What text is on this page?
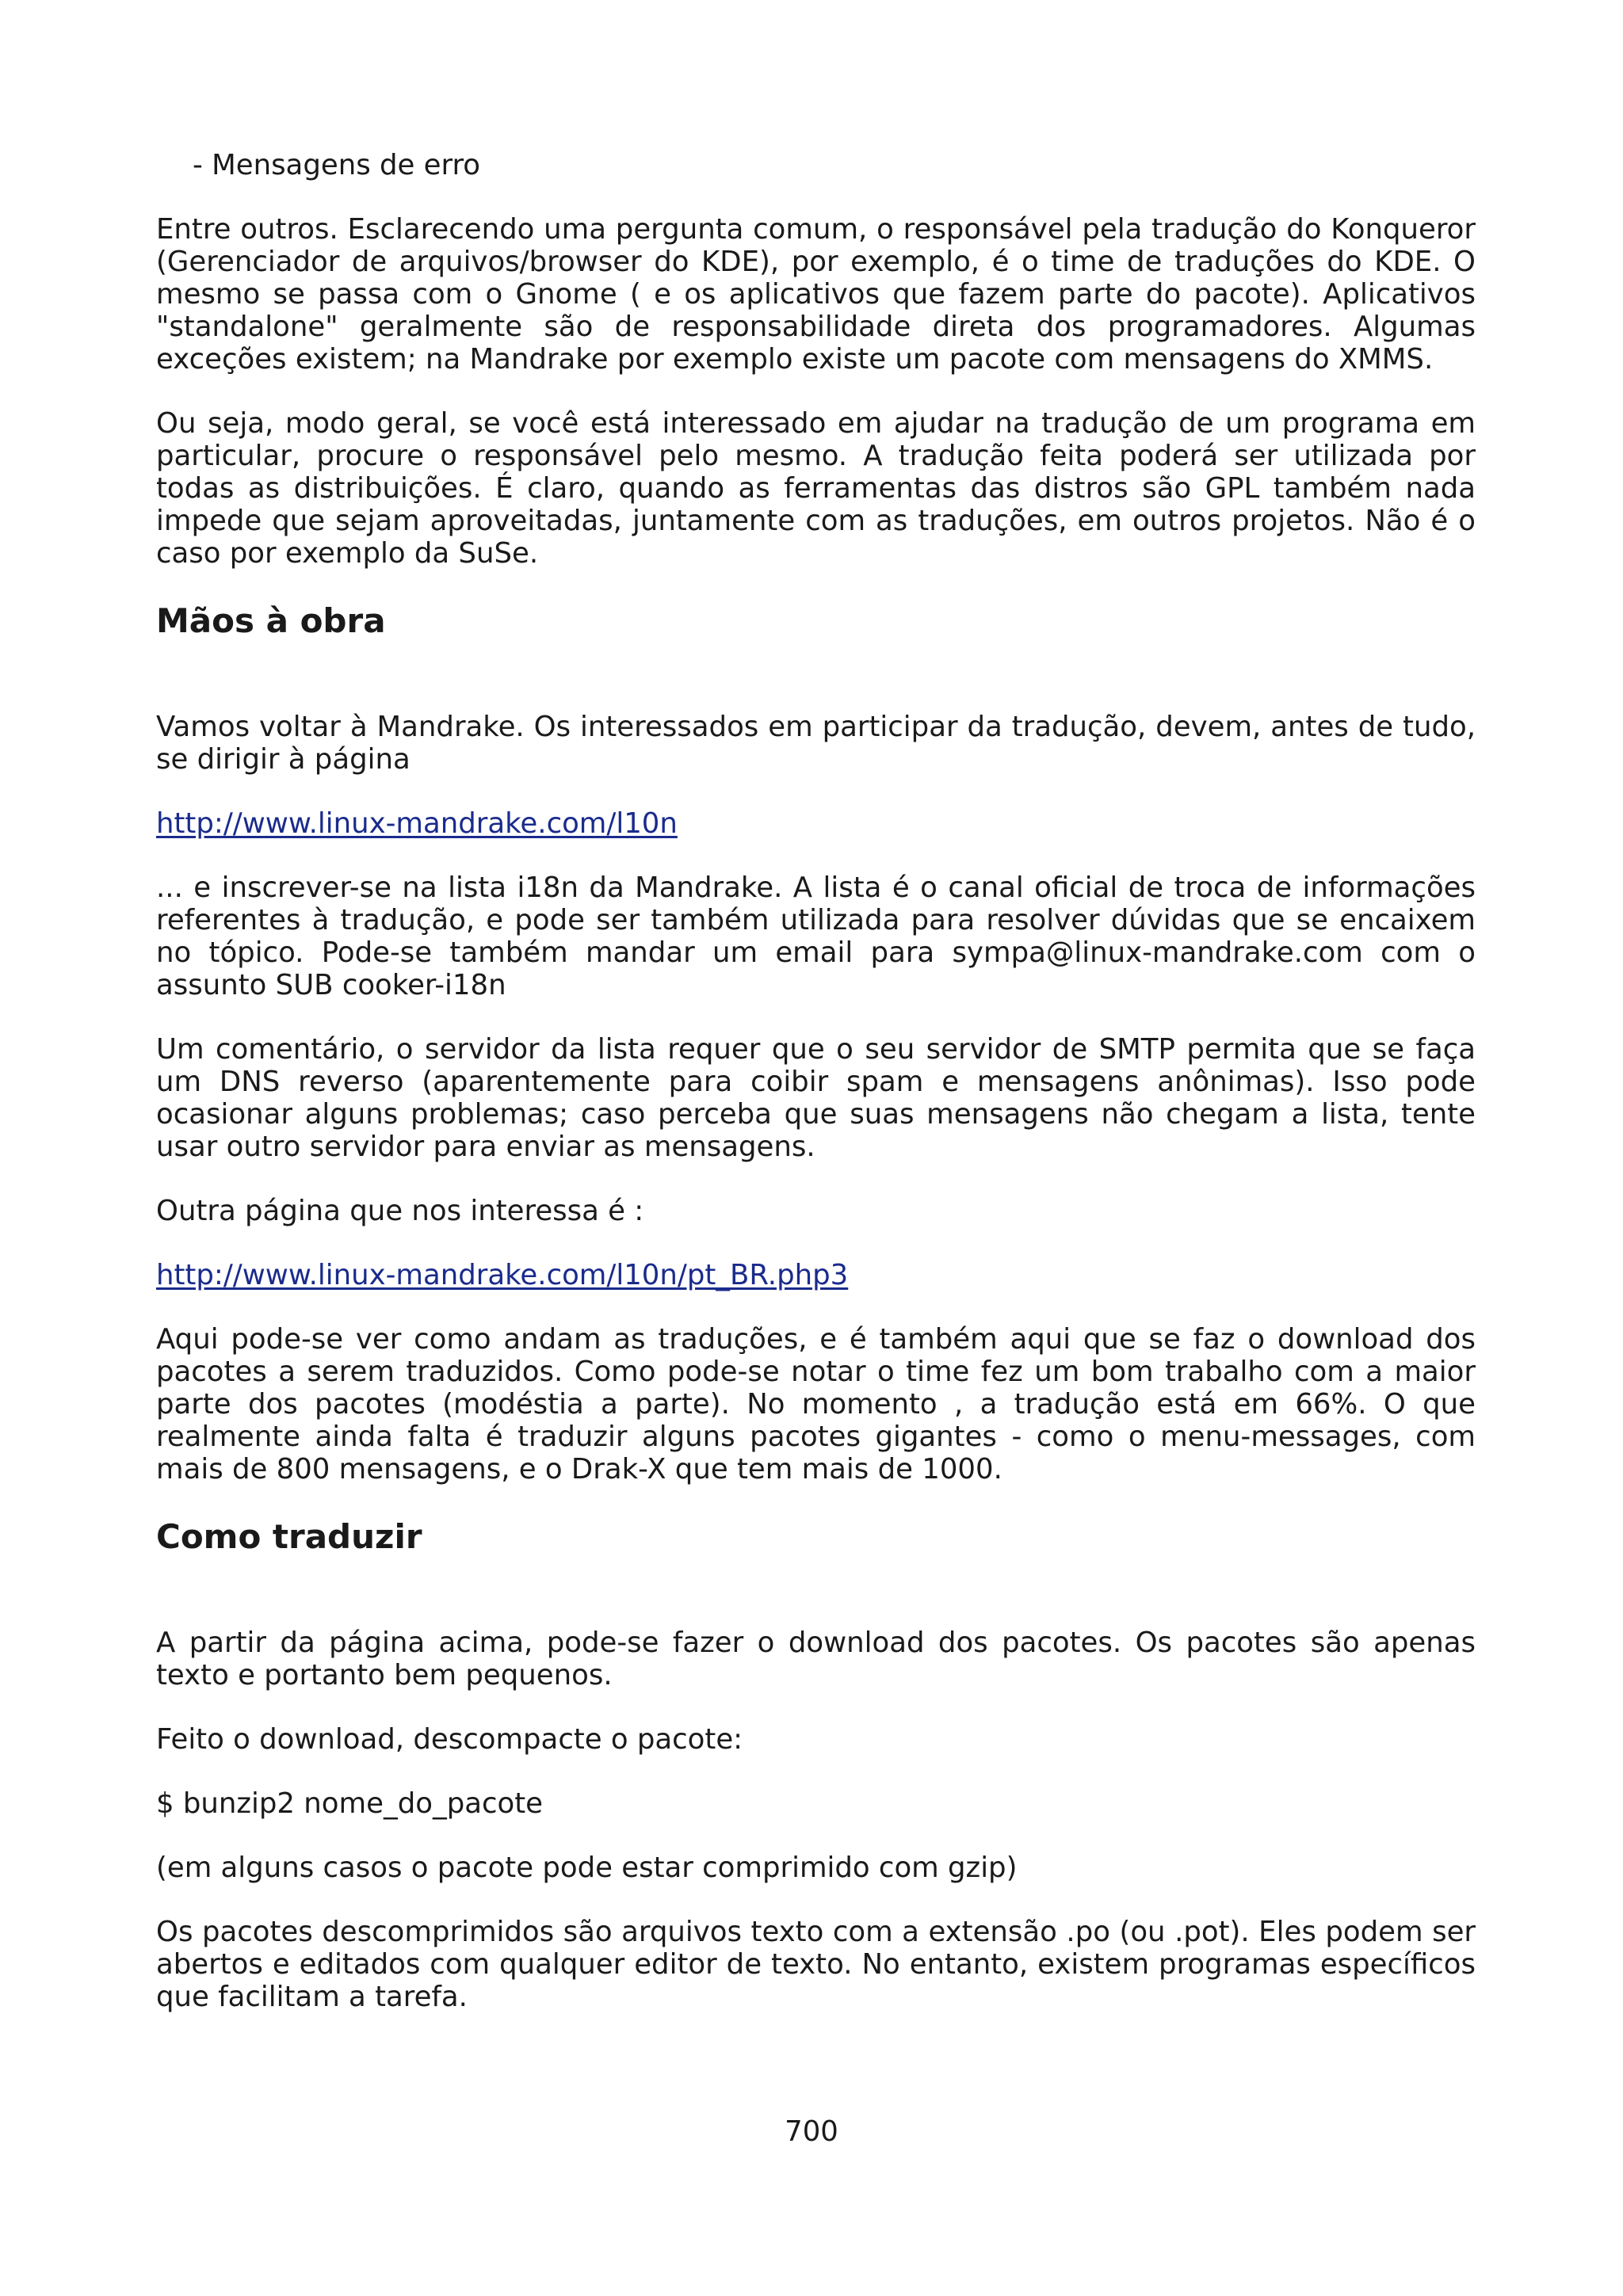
- Mensagens de erro

Entre outros. Esclarecendo uma pergunta comum, o responsável pela tradução do Konqueror (Gerenciador de arquivos/browser do KDE), por exemplo, é o time de traduções do KDE. O mesmo se passa com o Gnome ( e os aplicativos que fazem parte do pacote). Aplicativos "standalone" geralmente são de responsabilidade direta dos programadores. Algumas exceções existem; na Mandrake por exemplo existe um pacote com mensagens do XMMS.

Ou seja, modo geral, se você está interessado em ajudar na tradução de um programa em particular, procure o responsável pelo mesmo. A tradução feita poderá ser utilizada por todas as distribuições. É claro, quando as ferramentas das distros são GPL também nada impede que sejam aproveitadas, juntamente com as traduções, em outros projetos. Não é o caso por exemplo da SuSe.

Mãos à obra

Vamos voltar à Mandrake. Os interessados em participar da tradução, devem, antes de tudo, se dirigir à página

http://www.linux-mandrake.com/l10n

... e inscrever-se na lista i18n da Mandrake. A lista é o canal oficial de troca de informações referentes à tradução, e pode ser também utilizada para resolver dúvidas que se encaixem no tópico. Pode-se também mandar um email para sympa@linux-mandrake.com com o assunto SUB cooker-i18n

Um comentário, o servidor da lista requer que o seu servidor de SMTP permita que se faça um DNS reverso (aparentemente para coibir spam e mensagens anônimas). Isso pode ocasionar alguns problemas; caso perceba que suas mensagens não chegam a lista, tente usar outro servidor para enviar as mensagens.

Outra página que nos interessa é :

http://www.linux-mandrake.com/l10n/pt_BR.php3

Aqui pode-se ver como andam as traduções, e é também aqui que se faz o download dos pacotes a serem traduzidos. Como pode-se notar o time fez um bom trabalho com a maior parte dos pacotes (modéstia a parte). No momento , a tradução está em 66%. O que realmente ainda falta é traduzir alguns pacotes gigantes - como o menu-messages, com mais de 800 mensagens, e o Drak-X que tem mais de 1000.

Como traduzir

A partir da página acima, pode-se fazer o download dos pacotes. Os pacotes são apenas texto e portanto bem pequenos.

Feito o download, descompacte o pacote:

$ bunzip2 nome_do_pacote

(em alguns casos o pacote pode estar comprimido com gzip)

Os pacotes descomprimidos são arquivos texto com a extensão .po (ou .pot). Eles podem ser abertos e editados com qualquer editor de texto. No entanto, existem programas específicos que facilitam a tarefa.

700
